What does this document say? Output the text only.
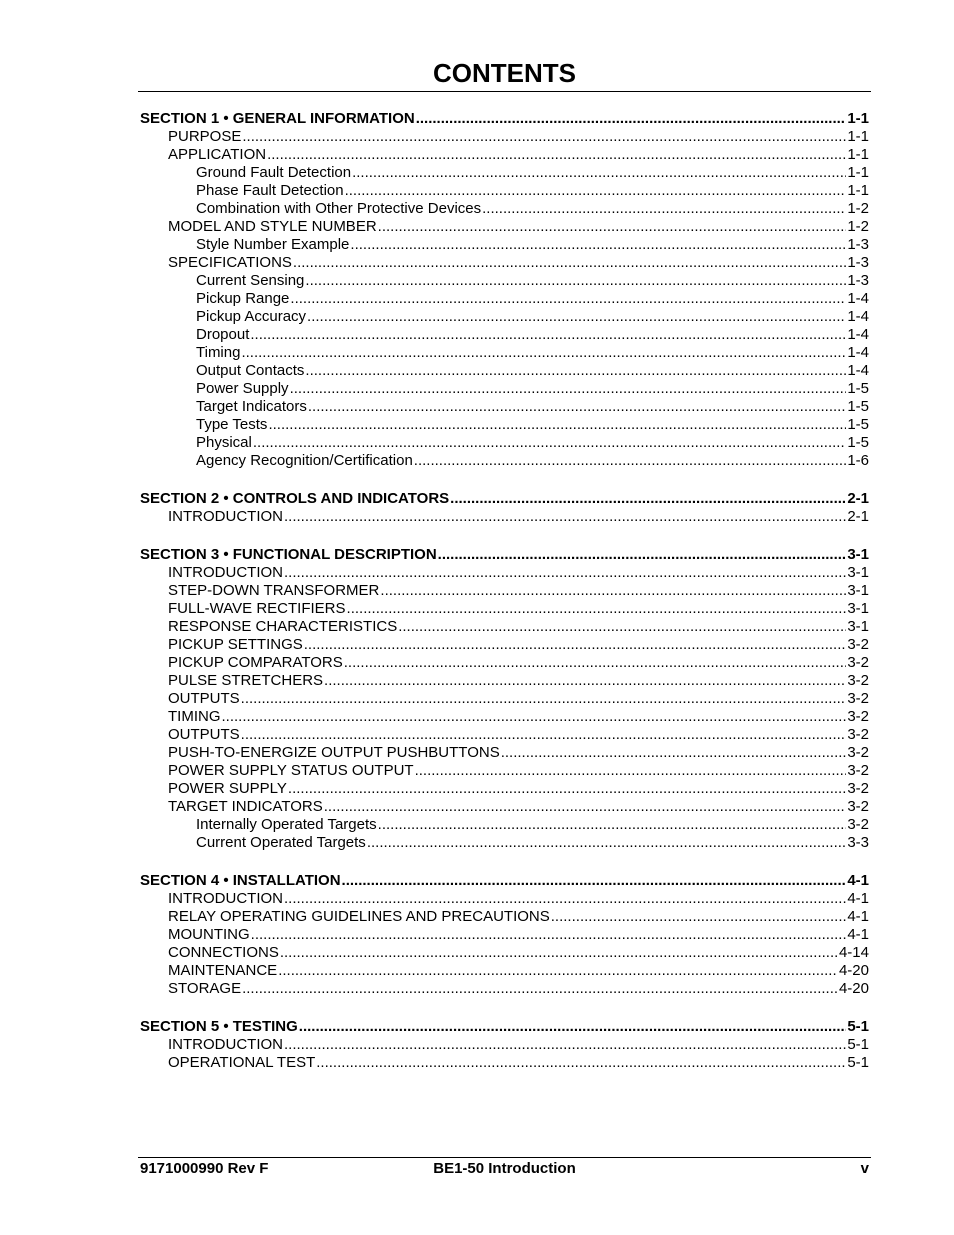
CONTENTS
SECTION 1 • GENERAL INFORMATION .....	1-1
PURPOSE .....	1-1
APPLICATION .....	1-1
Ground Fault Detection .....	1-1
Phase Fault Detection .....	1-1
Combination with Other Protective Devices .....	1-2
MODEL AND STYLE NUMBER .....	1-2
Style Number Example .....	1-3
SPECIFICATIONS .....	1-3
Current Sensing .....	1-3
Pickup Range .....	1-4
Pickup Accuracy .....	1-4
Dropout .....	1-4
Timing .....	1-4
Output Contacts .....	1-4
Power Supply .....	1-5
Target Indicators .....	1-5
Type Tests .....	1-5
Physical .....	1-5
Agency Recognition/Certification .....	1-6
SECTION 2 • CONTROLS AND INDICATORS .....	2-1
INTRODUCTION .....	2-1
SECTION 3 • FUNCTIONAL DESCRIPTION .....	3-1
INTRODUCTION .....	3-1
STEP-DOWN TRANSFORMER .....	3-1
FULL-WAVE RECTIFIERS .....	3-1
RESPONSE CHARACTERISTICS .....	3-1
PICKUP SETTINGS .....	3-2
PICKUP COMPARATORS .....	3-2
PULSE STRETCHERS .....	3-2
OUTPUTS .....	3-2
TIMING .....	3-2
OUTPUTS .....	3-2
PUSH-TO-ENERGIZE OUTPUT PUSHBUTTONS .....	3-2
POWER SUPPLY STATUS OUTPUT .....	3-2
POWER SUPPLY .....	3-2
TARGET INDICATORS .....	3-2
Internally Operated Targets .....	3-2
Current Operated Targets .....	3-3
SECTION 4 • INSTALLATION .....	4-1
INTRODUCTION .....	4-1
RELAY OPERATING GUIDELINES AND PRECAUTIONS .....	4-1
MOUNTING .....	4-1
CONNECTIONS .....	4-14
MAINTENANCE .....	4-20
STORAGE .....	4-20
SECTION 5 • TESTING .....	5-1
INTRODUCTION .....	5-1
OPERATIONAL TEST .....	5-1
9171000990 Rev F	BE1-50 Introduction	v
